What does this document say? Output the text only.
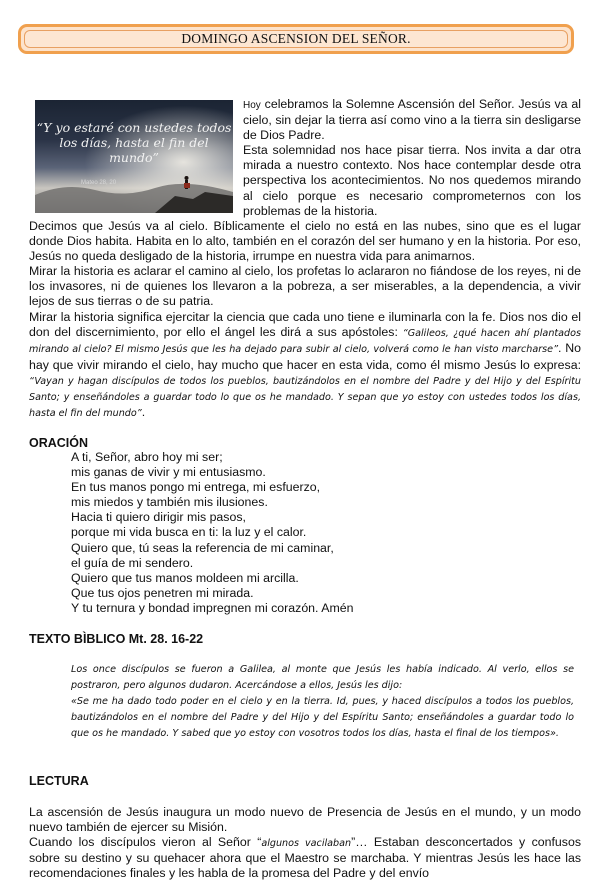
DOMINGO ASCENSION DEL SEÑOR.
“Y yo estaré con ustedes todos los días, hasta el fin del mundo”
Mateo 28, 20
Hoy celebramos la Solemne Ascensión del Señor. Jesús va al cielo, sin dejar la tierra así como vino a la tierra sin desligarse de Dios Padre.
Esta solemnidad nos hace pisar tierra. Nos invita a dar otra mirada a nuestro contexto. Nos hace contemplar desde otra perspectiva los acontecimientos. No nos quedemos mirando al cielo porque es necesario comprometernos con los problemas de la historia.
Decimos que Jesús va al cielo. Bíblicamente el cielo no está en las nubes, sino que es el lugar donde Dios habita. Habita en lo alto, también en el corazón del ser humano y en la historia. Por eso, Jesús no queda desligado de la historia, irrumpe en nuestra vida para animarnos.
Mirar la historia es aclarar el camino al cielo, los profetas lo aclararon no fiándose de los reyes, ni de los invasores, ni de quienes los llevaron a la pobreza, a ser miserables, a la dependencia, a vivir lejos de sus tierras o de su patria.
Mirar la historia significa ejercitar la ciencia que cada uno tiene e iluminarla con la fe. Dios nos dio el don del discernimiento, por ello el ángel les dirá a sus apóstoles: “Galileos, ¿qué hacen ahí plantados mirando al cielo? El mismo Jesús que les ha dejado para subir al cielo, volverá como le han visto marcharse”. No hay que vivir mirando el cielo, hay mucho que hacer en esta vida, como él mismo Jesús lo expresa: “Vayan y hagan discípulos de todos los pueblos, bautizándolos en el nombre del Padre y del Hijo y del Espíritu Santo; y enseñándoles a guardar todo lo que os he mandado. Y sepan que yo estoy con ustedes todos los días, hasta el fin del mundo”.
ORACIÓN
A ti, Señor, abro hoy mi ser;
mis ganas de vivir y mi entusiasmo.
En tus manos pongo mi entrega, mi esfuerzo,
mis miedos y también mis ilusiones.
Hacia ti quiero dirigir mis pasos,
porque mi vida busca en ti: la luz y el calor.
Quiero que, tú seas la referencia de mi caminar,
el guía de mi sendero.
Quiero que tus manos moldeen mi arcilla.
Que tus ojos penetren mi mirada.
Y tu ternura y bondad impregnen mi corazón. Amén
TEXTO BÌBLICO Mt. 28. 16-22
Los once discípulos se fueron a Galilea, al monte que Jesús les había indicado. Al verlo, ellos se postraron, pero algunos dudaron. Acercándose a ellos, Jesús les dijo:
«Se me ha dado todo poder en el cielo y en la tierra. Id, pues, y haced discípulos a todos los pueblos, bautizándolos en el nombre del Padre y del Hijo y del Espíritu Santo; enseñándoles a guardar todo lo que os he mandado. Y sabed que yo estoy con vosotros todos los días, hasta el final de los tiempos».
LECTURA
La ascensión de Jesús inaugura un modo nuevo de Presencia de Jesús en el mundo, y un modo nuevo también de ejercer su Misión.
Cuando los discípulos vieron al Señor “algunos vacilaban”… Estaban desconcertados y confusos sobre su destino y su quehacer ahora que el Maestro se marchaba. Y mientras Jesús les hace las recomendaciones finales y les habla de la promesa del Padre y del envío
